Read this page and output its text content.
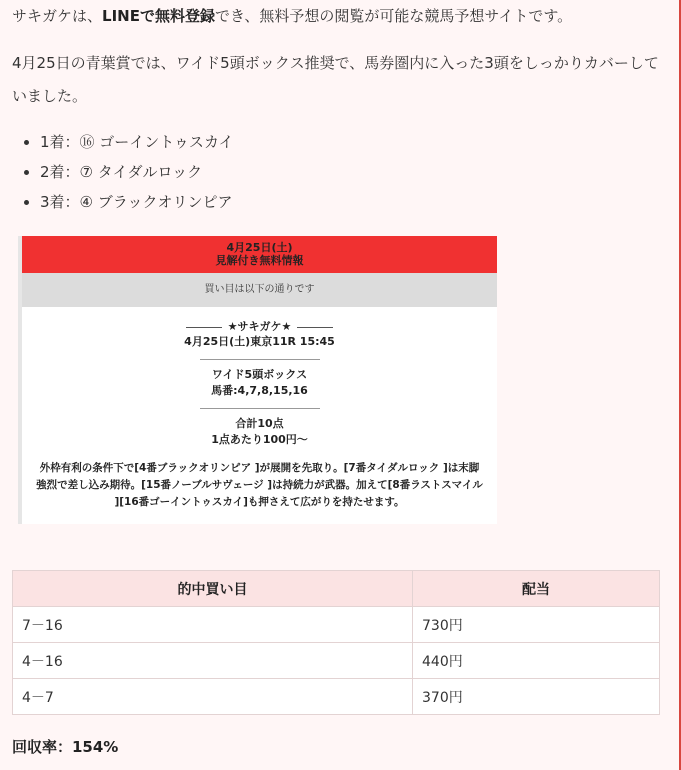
サキガケは、LINEで無料登録でき、無料予想の閲覧が可能な競馬予想サイトです。

4月25日の青葉賞では、ワイド5頭ボックス推奨で、馬券圏内に入った3頭をしっかりカバーしていました。

• 1着：⑯ ゴーイントゥスカイ
• 2着：⑦ タイダルロック
• 3着：④ ブラックオリンピア
4月25日(土)
見解付き無料情報
買い目は以下の通りです
★サキガケ★
4月25日(土)東京11R 15:45
ワイド5頭ボックス
馬番:4,7,8,15,16
合計10点
1点あたり100円～
外枠有利の条件下で[4番ブラックオリンピア ]が展開を先取り。[7番タイダルロック ]は末脚強烈で差し込み期待。[15番ノーブルサヴェージ ]は持続力が武器。加えて[8番ラストスマイル ][16番ゴーイントゥスカイ]も押さえて広がりを持たせます。
的中買い目	配当
7－16	730円
4－16	440円
4－7	370円
回収率：154%
